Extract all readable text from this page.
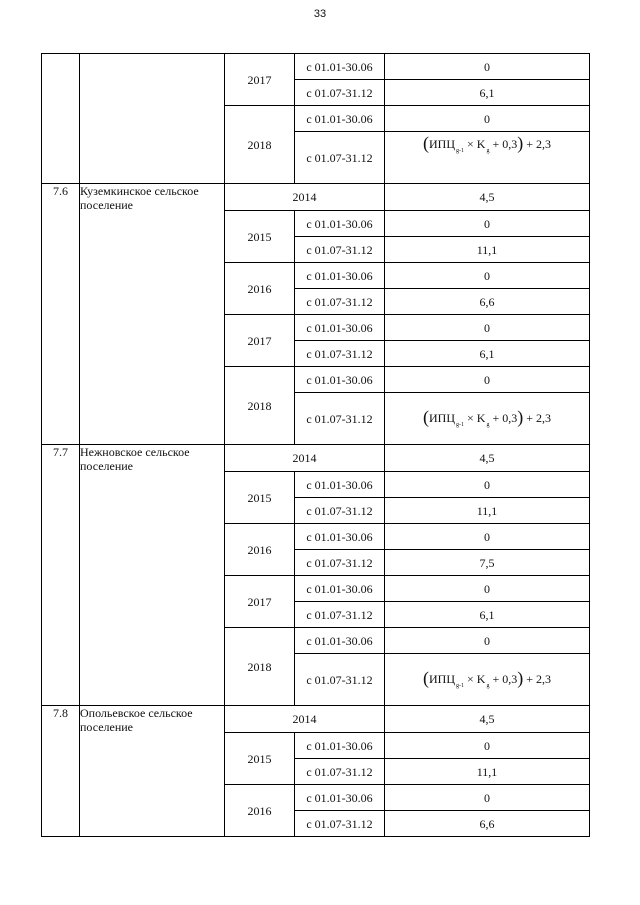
33
		2017	с 01.01-30.06	0
			с 01.07-31.12	6,1
		2018	с 01.01-30.06	0
			с 01.07-31.12	$(ИПЦ_{g-1} \times K_g + 0,3) + 2,3$
7.6	Куземкинское сельское поселение	2014		4,5
		2015	с 01.01-30.06	0
			с 01.07-31.12	11,1
		2016	с 01.01-30.06	0
			с 01.07-31.12	6,6
		2017	с 01.01-30.06	0
			с 01.07-31.12	6,1
		2018	с 01.01-30.06	0
			с 01.07-31.12	$(ИПЦ_{g-1} \times K_g + 0,3) + 2,3$
7.7	Нежновское сельское поселение	2014		4,5
		2015	с 01.01-30.06	0
			с 01.07-31.12	11,1
		2016	с 01.01-30.06	0
			с 01.07-31.12	7,5
		2017	с 01.01-30.06	0
			с 01.07-31.12	6,1
		2018	с 01.01-30.06	0
			с 01.07-31.12	$(ИПЦ_{g-1} \times K_g + 0,3) + 2,3$
7.8	Опольевское сельское поселение	2014		4,5
		2015	с 01.01-30.06	0
			с 01.07-31.12	11,1
		2016	с 01.01-30.06	0
			с 01.07-31.12	6,6
